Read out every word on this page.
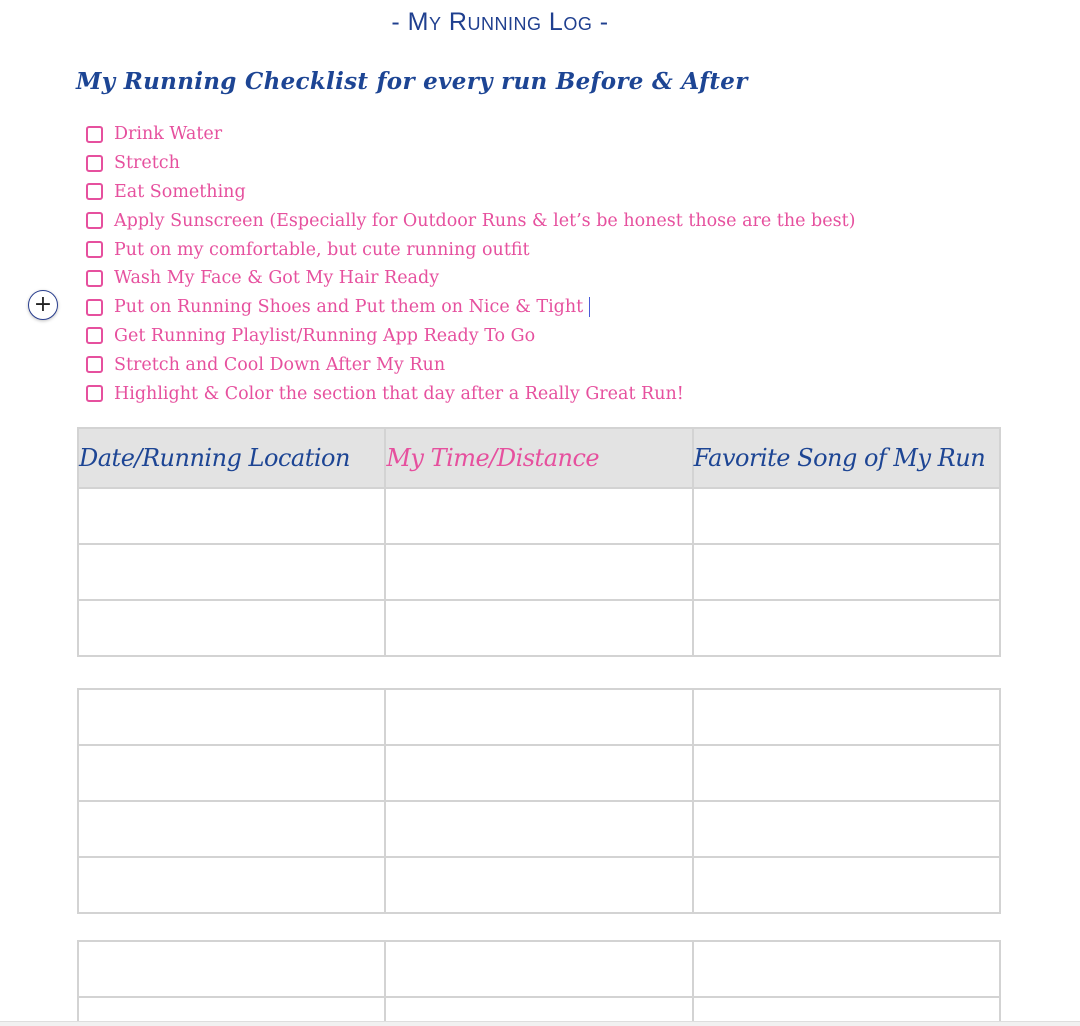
- My Running Log -
My Running Checklist for every run Before & After
+
Drink Water
Stretch
Eat Something
Apply Sunscreen (Especially for Outdoor Runs & let’s be honest those are the best)
Put on my comfortable, but cute running outfit
Wash My Face & Got My Hair Ready
Put on Running Shoes and Put them on Nice & Tight
Get Running Playlist/Running App Ready To Go
Stretch and Cool Down After My Run
Highlight & Color the section that day after a Really Great Run!
Date/Running Location	My Time/Distance	Favorite Song of My Run
